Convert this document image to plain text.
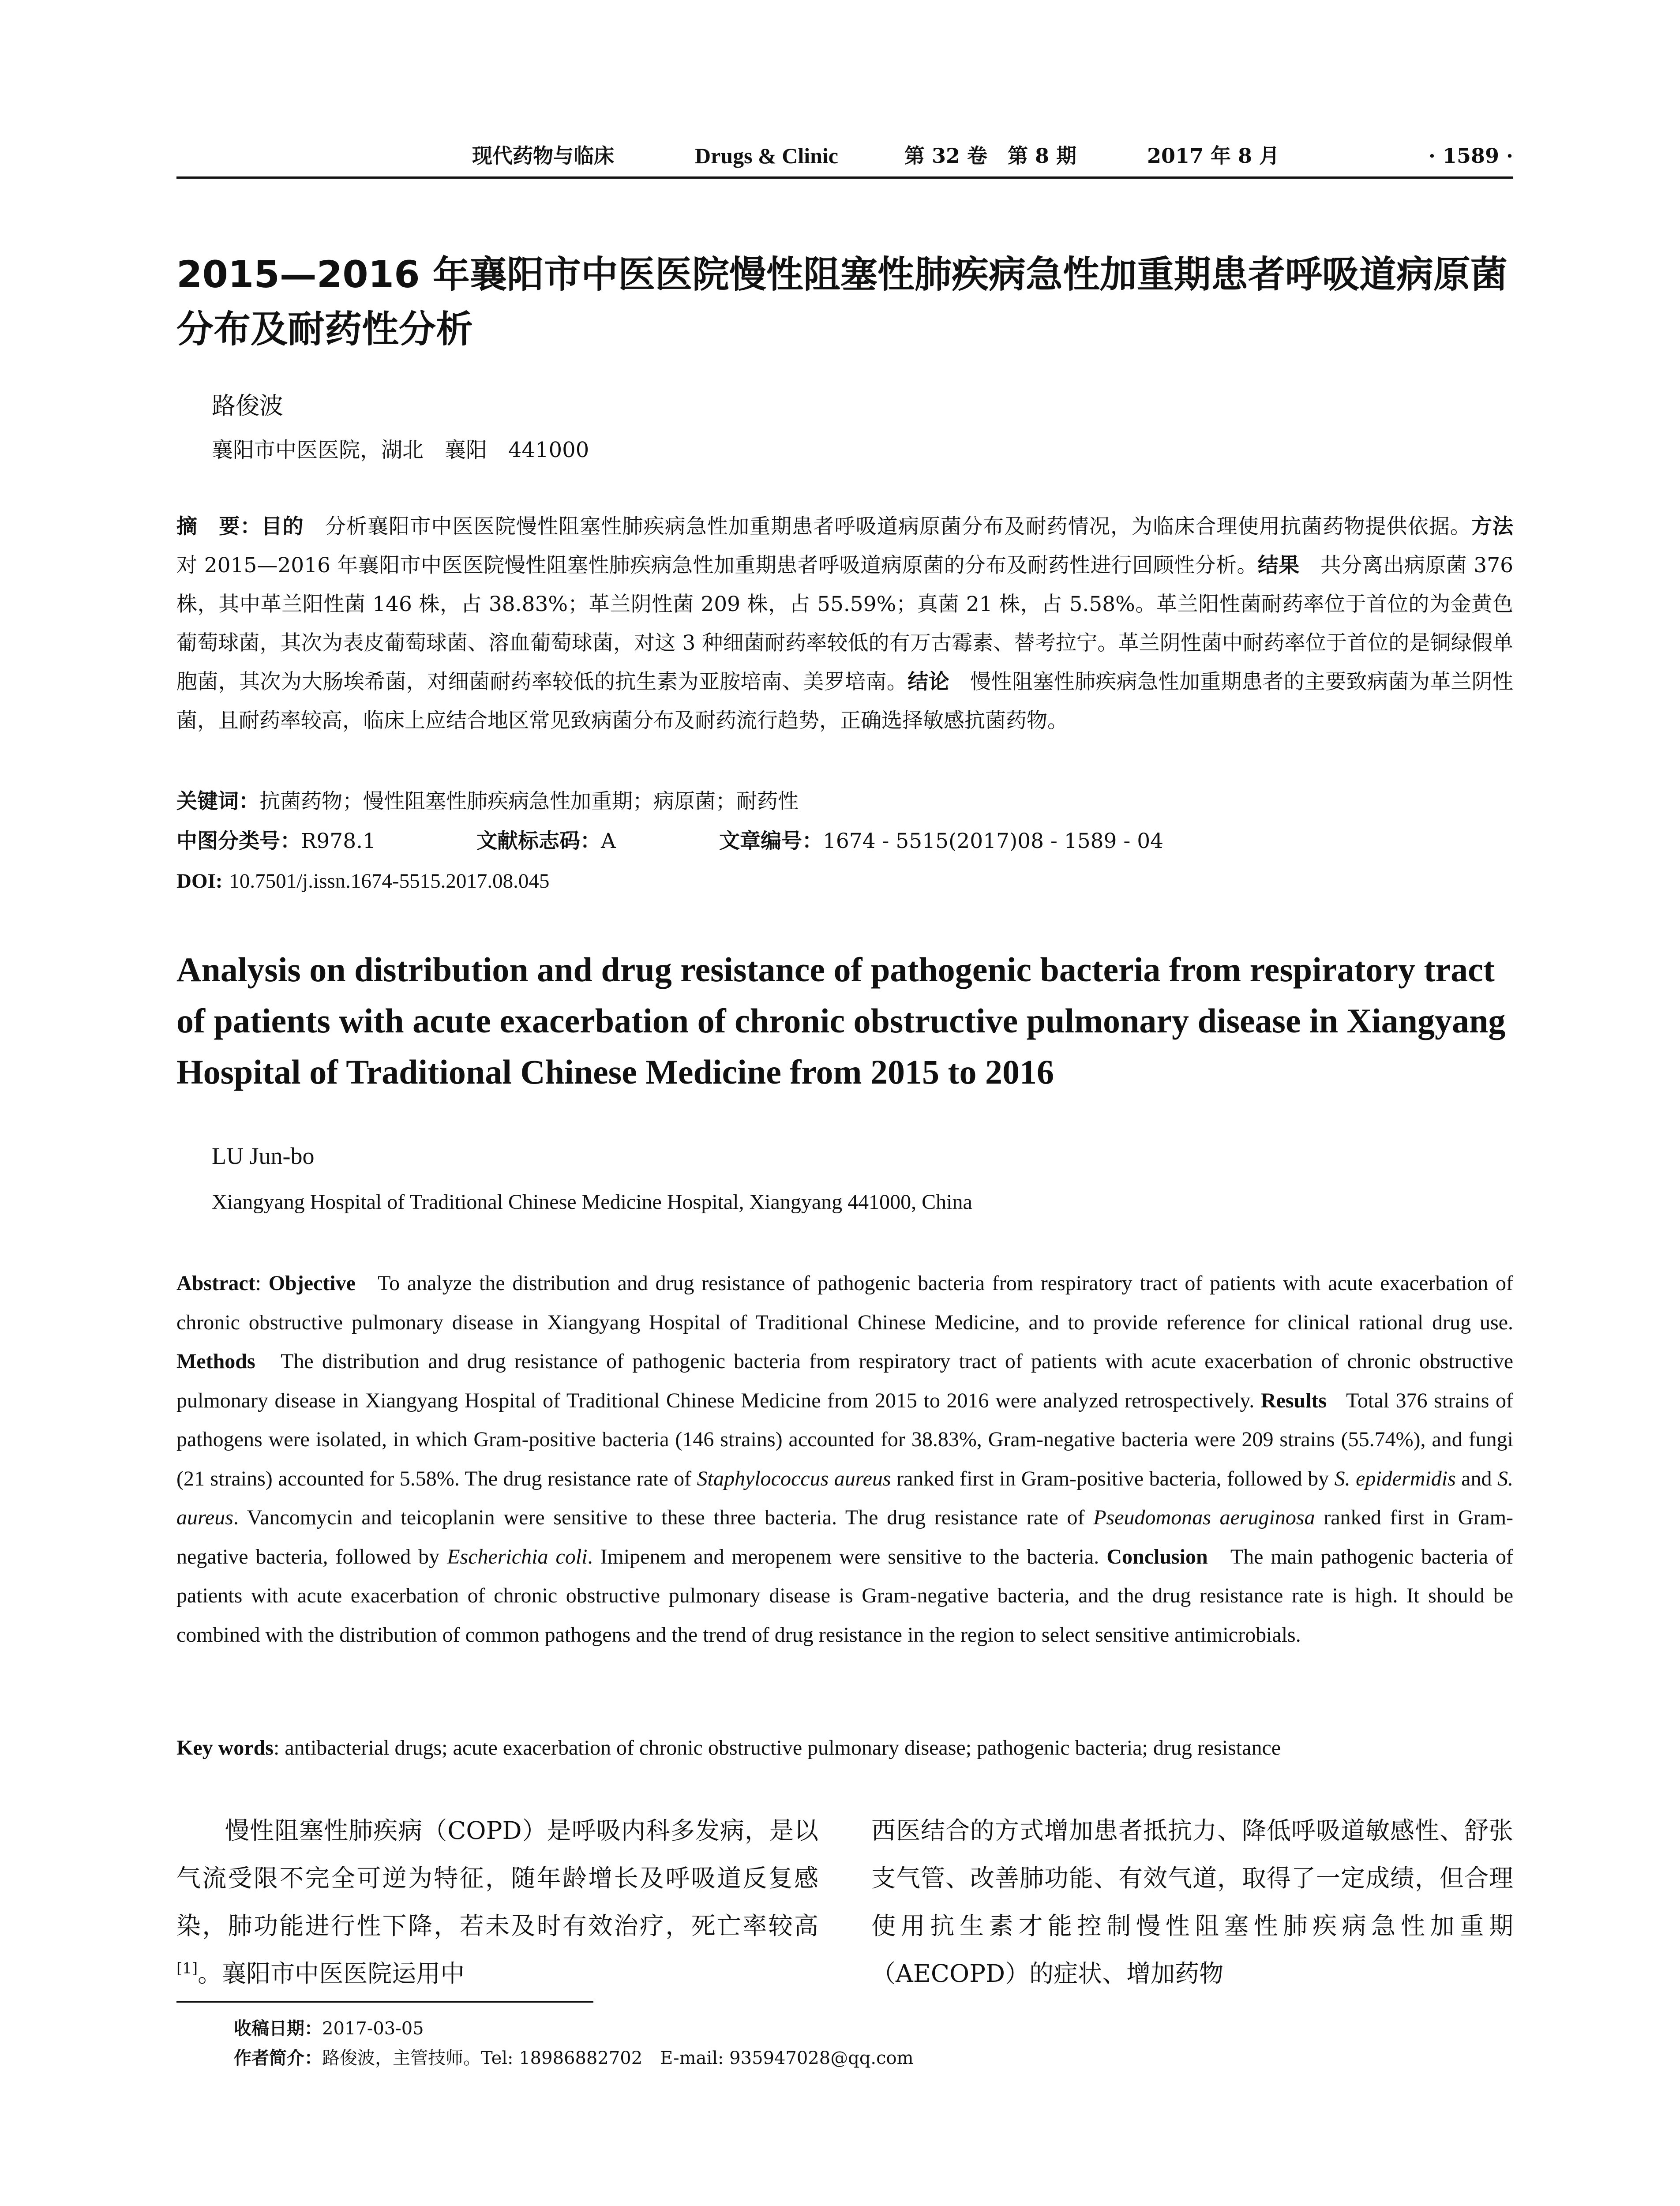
现代药物与临床	Drugs & Clinic	第 32 卷　第 8 期	2017 年 8 月	· 1589 ·
2015—2016 年襄阳市中医医院慢性阻塞性肺疾病急性加重期患者呼吸道病原菌分布及耐药性分析
路俊波
襄阳市中医医院，湖北　襄阳　441000
摘　要：目的　 分析襄阳市中医医院慢性阻塞性肺疾病急性加重期患者呼吸道病原菌分布及耐药情况，为临床合理使用抗菌药物提供依据。方法　对 2015—2016 年襄阳市中医医院慢性阻塞性肺疾病急性加重期患者呼吸道病原菌的分布及耐药性进行回顾性分析。结果　 共分离出病原菌 376 株，其中革兰阳性菌 146 株，占 38.83%；革兰阴性菌 209 株，占 55.59%；真菌 21 株，占 5.58%。革兰阳性菌耐药率位于首位的为金黄色葡萄球菌，其次为表皮葡萄球菌、溶血葡萄球菌，对这 3 种细菌耐药率较低的有万古霉素、替考拉宁。革兰阴性菌中耐药率位于首位的是铜绿假单胞菌，其次为大肠埃希菌，对细菌耐药率较低的抗生素为亚胺培南、美罗培南。结论　 慢性阻塞性肺疾病急性加重期患者的主要致病菌为革兰阴性菌，且耐药率较高，临床上应结合地区常见致病菌分布及耐药流行趋势，正确选择敏感抗菌药物。
关键词：抗菌药物；慢性阻塞性肺疾病急性加重期；病原菌；耐药性
中图分类号：R978.1	文献标志码：A	文章编号：1674 - 5515(2017)08 - 1589 - 04
DOI: 10.7501/j.issn.1674-5515.2017.08.045
Analysis on distribution and drug resistance of pathogenic bacteria from respiratory tract of patients with acute exacerbation of chronic obstructive pulmonary disease in Xiangyang Hospital of Traditional Chinese Medicine from 2015 to 2016
LU Jun-bo
Xiangyang Hospital of Traditional Chinese Medicine Hospital, Xiangyang 441000, China
Abstract: Objective To analyze the distribution and drug resistance of pathogenic bacteria from respiratory tract of patients with acute exacerbation of chronic obstructive pulmonary disease in Xiangyang Hospital of Traditional Chinese Medicine, and to provide reference for clinical rational drug use. Methods The distribution and drug resistance of pathogenic bacteria from respiratory tract of patients with acute exacerbation of chronic obstructive pulmonary disease in Xiangyang Hospital of Traditional Chinese Medicine from 2015 to 2016 were analyzed retrospectively. Results Total 376 strains of pathogens were isolated, in which Gram-positive bacteria (146 strains) accounted for 38.83%, Gram-negative bacteria were 209 strains (55.74%), and fungi (21 strains) accounted for 5.58%. The drug resistance rate of Staphylococcus aureus ranked first in Gram-positive bacteria, followed by S. epidermidis and S. aureus. Vancomycin and teicoplanin were sensitive to these three bacteria. The drug resistance rate of Pseudomonas aeruginosa ranked first in Gram-negative bacteria, followed by Escherichia coli. Imipenem and meropenem were sensitive to the bacteria. Conclusion The main pathogenic bacteria of patients with acute exacerbation of chronic obstructive pulmonary disease is Gram-negative bacteria, and the drug resistance rate is high. It should be combined with the distribution of common pathogens and the trend of drug resistance in the region to select sensitive antimicrobials.
Key words: antibacterial drugs; acute exacerbation of chronic obstructive pulmonary disease; pathogenic bacteria; drug resistance
慢性阻塞性肺疾病（COPD）是呼吸内科多发病，是以气流受限不完全可逆为特征，随年龄增长及呼吸道反复感染，肺功能进行性下降，若未及时有效治疗，死亡率较高[1]。襄阳市中医医院运用中
西医结合的方式增加患者抵抗力、降低呼吸道敏感性、舒张支气管、改善肺功能、有效气道，取得了一定成绩，但合理使用抗生素才能控制慢性阻塞性肺疾病急性加重期（AECOPD）的症状、增加药物
收稿日期：2017-03-05
作者简介：路俊波，主管技师。Tel: 18986882702　E-mail: 935947028@qq.com
